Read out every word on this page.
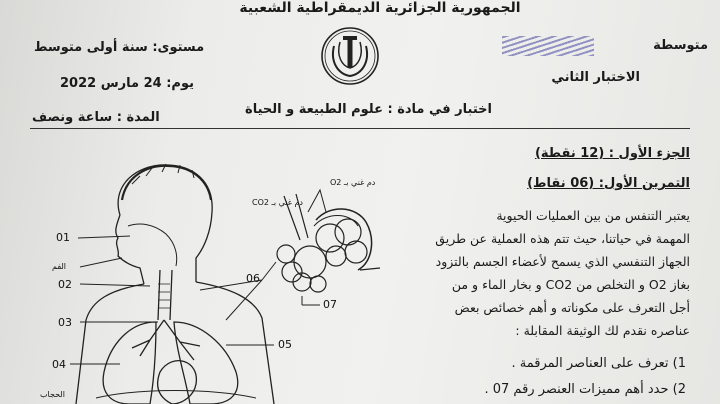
الجمهورية الجزائرية الديمقراطية الشعبية
مستوى: سنة أولى متوسط
يوم: 24 مارس 2022
المدة : ساعة ونصف
متوسطة
الاختبار الثاني
اختبار في مادة : علوم الطبيعة و الحياة
الجزء الأول : (12 نقطة)
التمرين الأول: (06 نقاط)
يعتبر التنفس من بين العمليات الحيوية
المهمة في حياتنا، حيث تتم هذه العملية عن طريق
الجهاز التنفسي الذي يسمح لأعضاء الجسم بالتزود
بغاز O2 و التخلص من CO2 و بخار الماء و من
أجل التعرف على مكوناته و أهم خصائص بعض
عناصره نقدم لك الوثيقة المقابلة :
1) تعرف على العناصر المرقمة .
2) حدد أهم مميزات العنصر رقم 07 .
01
الفم
02
03
04
الحجاب
05
06
07
دم غني بـ CO2
دم غني بـ O2
